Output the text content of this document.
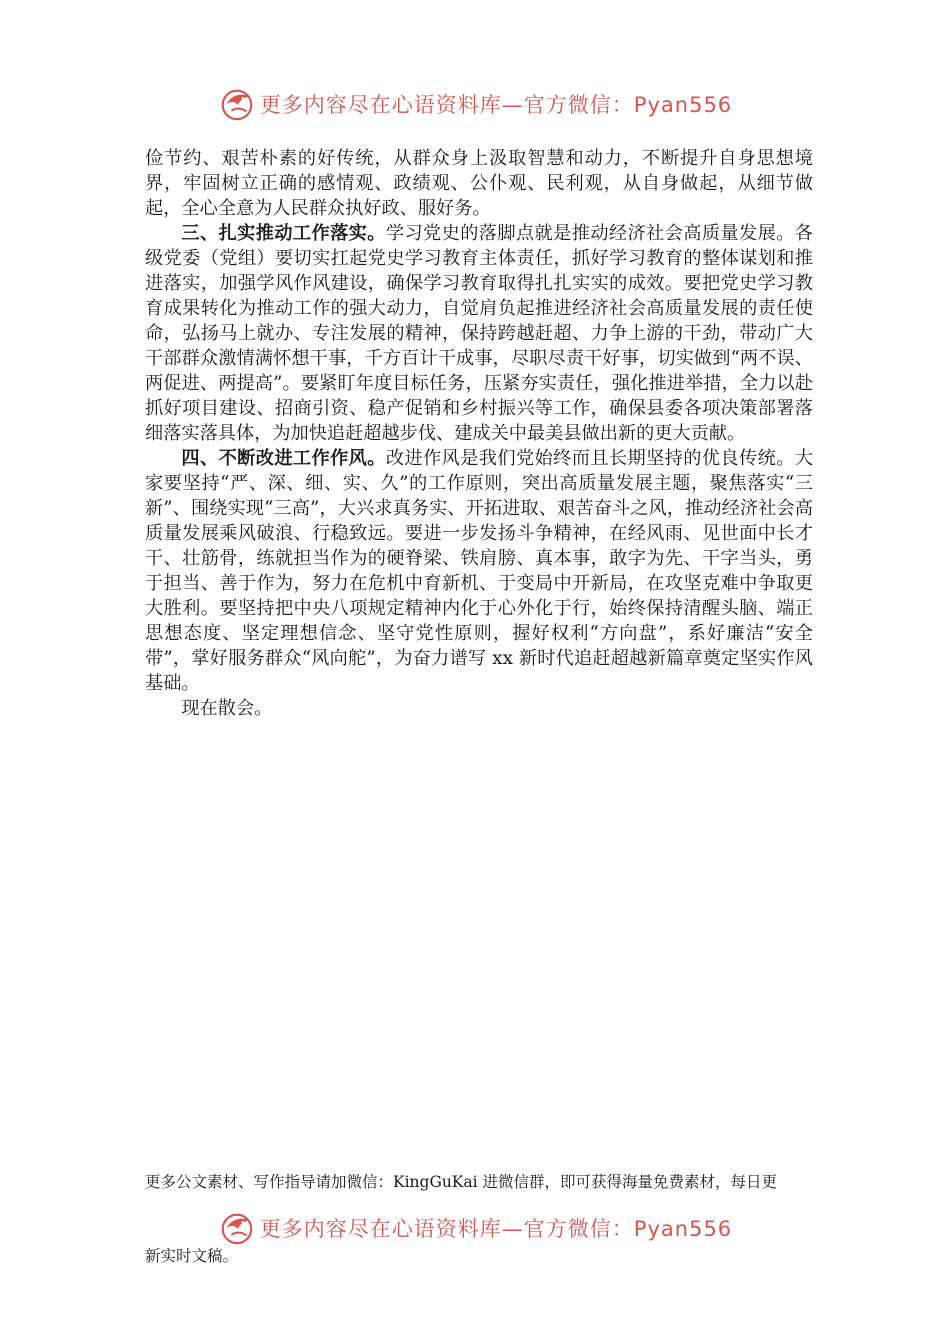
更多内容尽在心语资料库—官方微信：Pyan556

俭节约、艰苦朴素的好传统，从群众身上汲取智慧和动力，不断提升自身思想境界，牢固树立正确的感情观、政绩观、公仆观、民利观，从自身做起，从细节做起，全心全意为人民群众执好政、服好务。

三、扎实推动工作落实。学习党史的落脚点就是推动经济社会高质量发展。各级党委（党组）要切实扛起党史学习教育主体责任，抓好学习教育的整体谋划和推进落实，加强学风作风建设，确保学习教育取得扎扎实实的成效。要把党史学习教育成果转化为推动工作的强大动力，自觉肩负起推进经济社会高质量发展的责任使命，弘扬马上就办、专注发展的精神，保持跨越赶超、力争上游的干劲，带动广大干部群众激情满怀想干事，千方百计干成事，尽职尽责干好事，切实做到“两不误、两促进、两提高”。要紧盯年度目标任务，压紧夯实责任，强化推进举措，全力以赴抓好项目建设、招商引资、稳产促销和乡村振兴等工作，确保县委各项决策部署落细落实落具体，为加快追赶超越步伐、建成关中最美县做出新的更大贡献。

四、不断改进工作作风。改进作风是我们党始终而且长期坚持的优良传统。大家要坚持“严、深、细、实、久”的工作原则，突出高质量发展主题，聚焦落实“三新”、围绕实现“三高”，大兴求真务实、开拓进取、艰苦奋斗之风，推动经济社会高质量发展乘风破浪、行稳致远。要进一步发扬斗争精神，在经风雨、见世面中长才干、壮筋骨，练就担当作为的硬脊梁、铁肩膀、真本事，敢字为先、干字当头，勇于担当、善于作为，努力在危机中育新机、于变局中开新局，在攻坚克难中争取更大胜利。要坚持把中央八项规定精神内化于心外化于行，始终保持清醒头脑、端正思想态度、坚定理想信念、坚守党性原则，握好权利“方向盘”，系好廉洁“安全带”，掌好服务群众“风向舵”，为奋力谱写 xx 新时代追赶超越新篇章奠定坚实作风基础。

现在散会。

更多公文素材、写作指导请加微信：KingGuKai 进微信群，即可获得海量免费素材，每日更
更多内容尽在心语资料库—官方微信：Pyan556
新实时文稿。
